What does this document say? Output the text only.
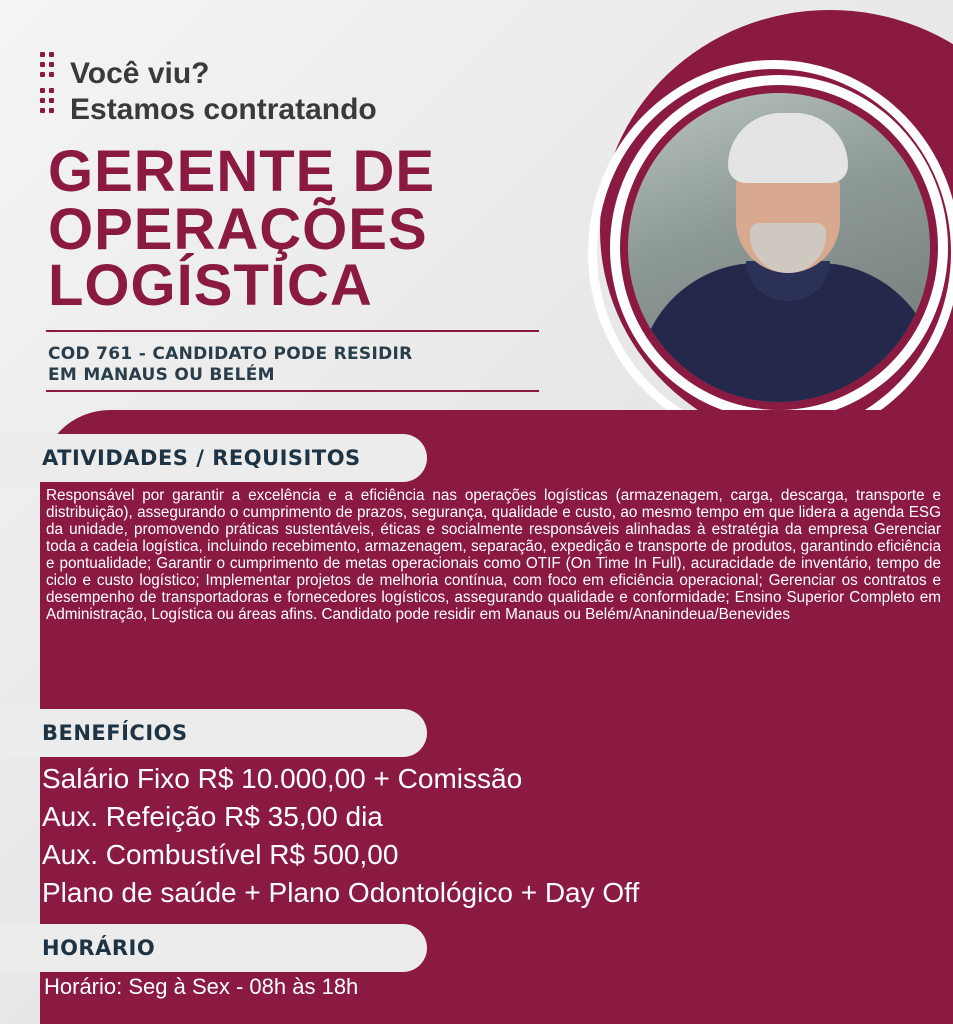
Você viu?
Estamos contratando

GERENTE DE
OPERAÇÕES
LOGÍSTICA

COD 761 - CANDIDATO PODE RESIDIR
EM MANAUS OU BELÉM

ATIVIDADES / REQUISITOS

Responsável por garantir a excelência e a eficiência nas operações logísticas (armazenagem, carga, descarga, transporte e distribuição), assegurando o cumprimento de prazos, segurança, qualidade e custo, ao mesmo tempo em que lidera a agenda ESG da unidade, promovendo práticas sustentáveis, éticas e socialmente responsáveis alinhadas à estratégia da empresa Gerenciar toda a cadeia logística, incluindo recebimento, armazenagem, separação, expedição e transporte de produtos, garantindo eficiência e pontualidade; Garantir o cumprimento de metas operacionais como OTIF (On Time In Full), acuracidade de inventário, tempo de ciclo e custo logístico; Implementar projetos de melhoria contínua, com foco em eficiência operacional; Gerenciar os contratos e desempenho de transportadoras e fornecedores logísticos, assegurando qualidade e conformidade; Ensino Superior Completo em Administração, Logística ou áreas afins. Candidato pode residir em Manaus ou Belém/Ananindeua/Benevides

BENEFÍCIOS
Salário Fixo R$ 10.000,00 + Comissão
Aux. Refeição R$ 35,00 dia
Aux. Combustível R$ 500,00
Plano de saúde + Plano Odontológico + Day Off
HORÁRIO

Horário: Seg à Sex - 08h às 18h
